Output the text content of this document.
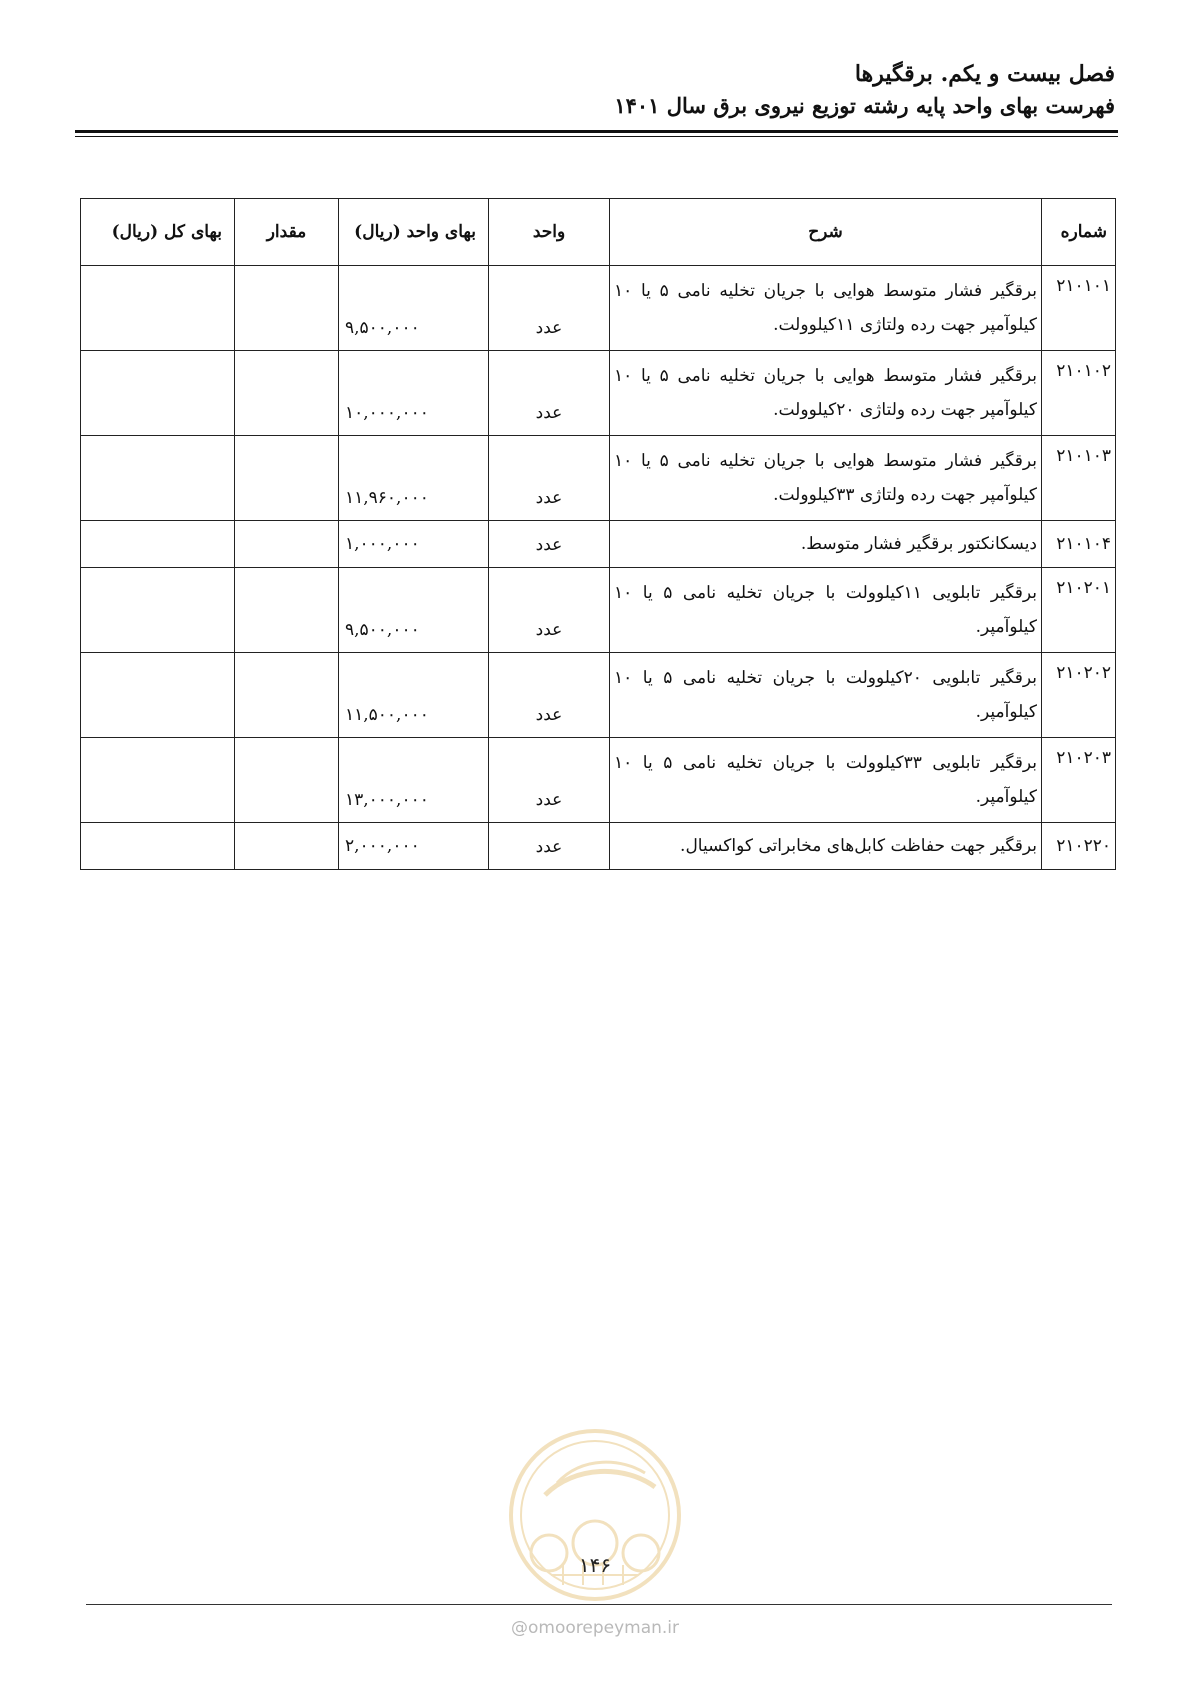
فصل بیست و یکم. برقگیرها
فهرست بهای واحد پایه رشته توزیع نیروی برق سال ۱۴۰۱
شماره	شرح	واحد	بهای واحد (ریال)	مقدار	بهای کل (ریال)
۲۱۰۱۰۱	برقگیر فشار متوسط هوایی با جریان تخلیه نامی ۵ یا ۱۰ کیلوآمپر جهت رده ولتاژی ۱۱کیلوولت.	عدد	۹,۵۰۰,۰۰۰		
۲۱۰۱۰۲	برقگیر فشار متوسط هوایی با جریان تخلیه نامی ۵ یا ۱۰ کیلوآمپر جهت رده ولتاژی ۲۰کیلوولت.	عدد	۱۰,۰۰۰,۰۰۰		
۲۱۰۱۰۳	برقگیر فشار متوسط هوایی با جریان تخلیه نامی ۵ یا ۱۰ کیلوآمپر جهت رده ولتاژی ۳۳کیلوولت.	عدد	۱۱,۹۶۰,۰۰۰		
۲۱۰۱۰۴	دیسکانکتور برقگیر فشار متوسط.	عدد	۱,۰۰۰,۰۰۰		
۲۱۰۲۰۱	برقگیر تابلویی ۱۱کیلوولت با جریان تخلیه نامی ۵ یا ۱۰ کیلوآمپر.	عدد	۹,۵۰۰,۰۰۰		
۲۱۰۲۰۲	برقگیر تابلویی ۲۰کیلوولت با جریان تخلیه نامی ۵ یا ۱۰ کیلوآمپر.	عدد	۱۱,۵۰۰,۰۰۰		
۲۱۰۲۰۳	برقگیر تابلویی ۳۳کیلوولت با جریان تخلیه نامی ۵ یا ۱۰ کیلوآمپر.	عدد	۱۳,۰۰۰,۰۰۰		
۲۱۰۲۲۰	برقگیر جهت حفاظت کابل‌های مخابراتی کواکسیال.	عدد	۲,۰۰۰,۰۰۰		
۱۴۶
@omoorepeyman.ir
